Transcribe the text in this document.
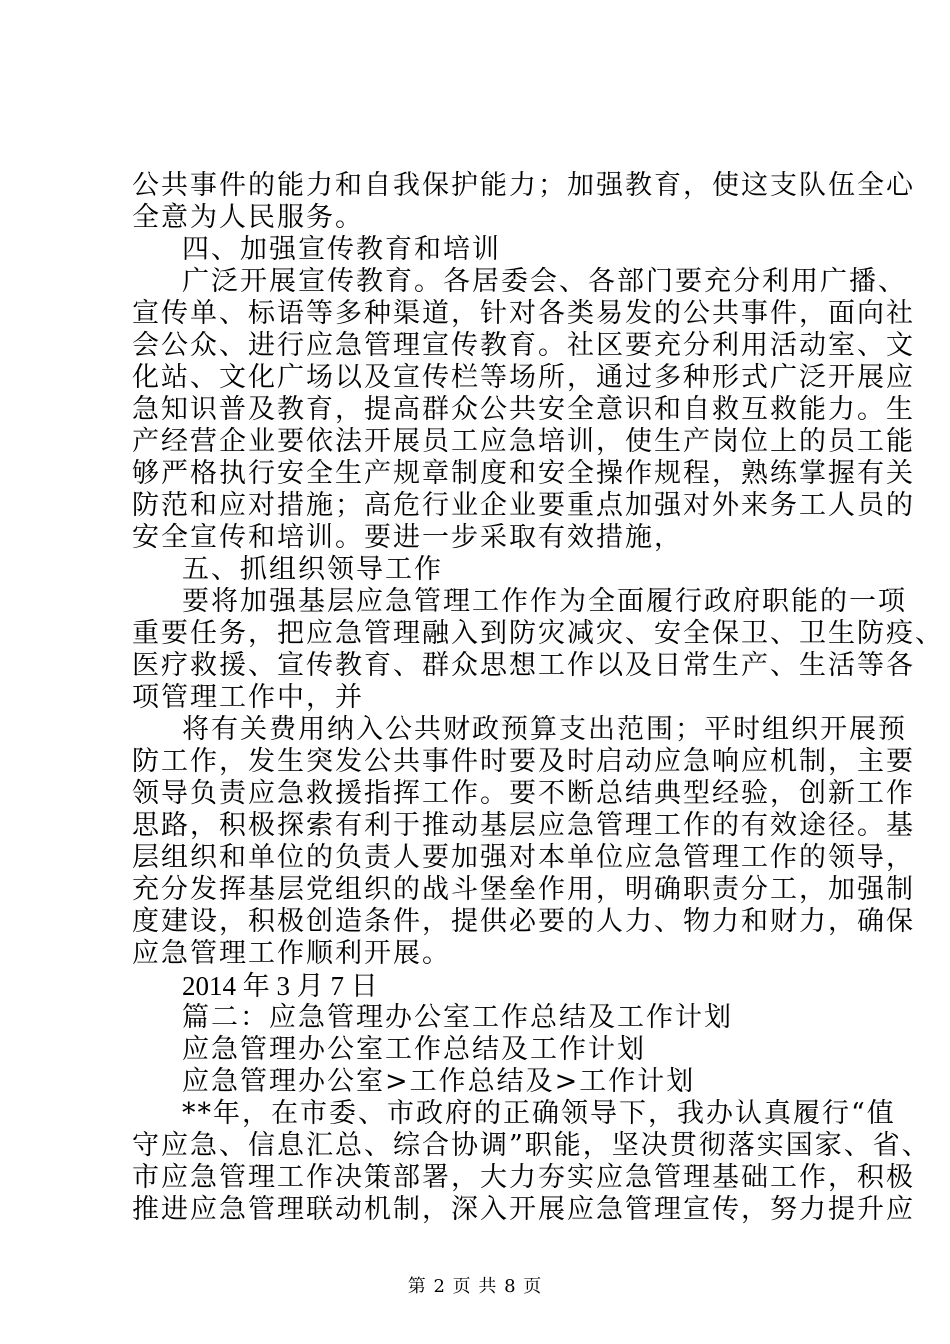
公共事件的能力和自我保护能力；加强教育，使这支队伍全心
全意为人民服务。
四、加强宣传教育和培训
广泛开展宣传教育。各居委会、各部门要充分利用广播、
宣传单、标语等多种渠道，针对各类易发的公共事件，面向社
会公众、进行应急管理宣传教育。社区要充分利用活动室、文
化站、文化广场以及宣传栏等场所，通过多种形式广泛开展应
急知识普及教育，提高群众公共安全意识和自救互救能力。生
产经营企业要依法开展员工应急培训，使生产岗位上的员工能
够严格执行安全生产规章制度和安全操作规程，熟练掌握有关
防范和应对措施；高危行业企业要重点加强对外来务工人员的
安全宣传和培训。要进一步采取有效措施，
五、抓组织领导工作
要将加强基层应急管理工作作为全面履行政府职能的一项
重要任务，把应急管理融入到防灾减灾、安全保卫、卫生防疫、
医疗救援、宣传教育、群众思想工作以及日常生产、生活等各
项管理工作中，并
将有关费用纳入公共财政预算支出范围；平时组织开展预
防工作，发生突发公共事件时要及时启动应急响应机制，主要
领导负责应急救援指挥工作。要不断总结典型经验，创新工作
思路，积极探索有利于推动基层应急管理工作的有效途径。基
层组织和单位的负责人要加强对本单位应急管理工作的领导，
充分发挥基层党组织的战斗堡垒作用，明确职责分工，加强制
度建设，积极创造条件，提供必要的人力、物力和财力，确保
应急管理工作顺利开展。
2014 年 3 月 7 日
篇二：应急管理办公室工作总结及工作计划
应急管理办公室工作总结及工作计划
应急管理办公室>工作总结及>工作计划
**年，在市委、市政府的正确领导下，我办认真履行“值
守应急、信息汇总、综合协调”职能，坚决贯彻落实国家、省、
市应急管理工作决策部署，大力夯实应急管理基础工作，积极
推进应急管理联动机制，深入开展应急管理宣传，努力提升应
第 2 页 共 8 页
